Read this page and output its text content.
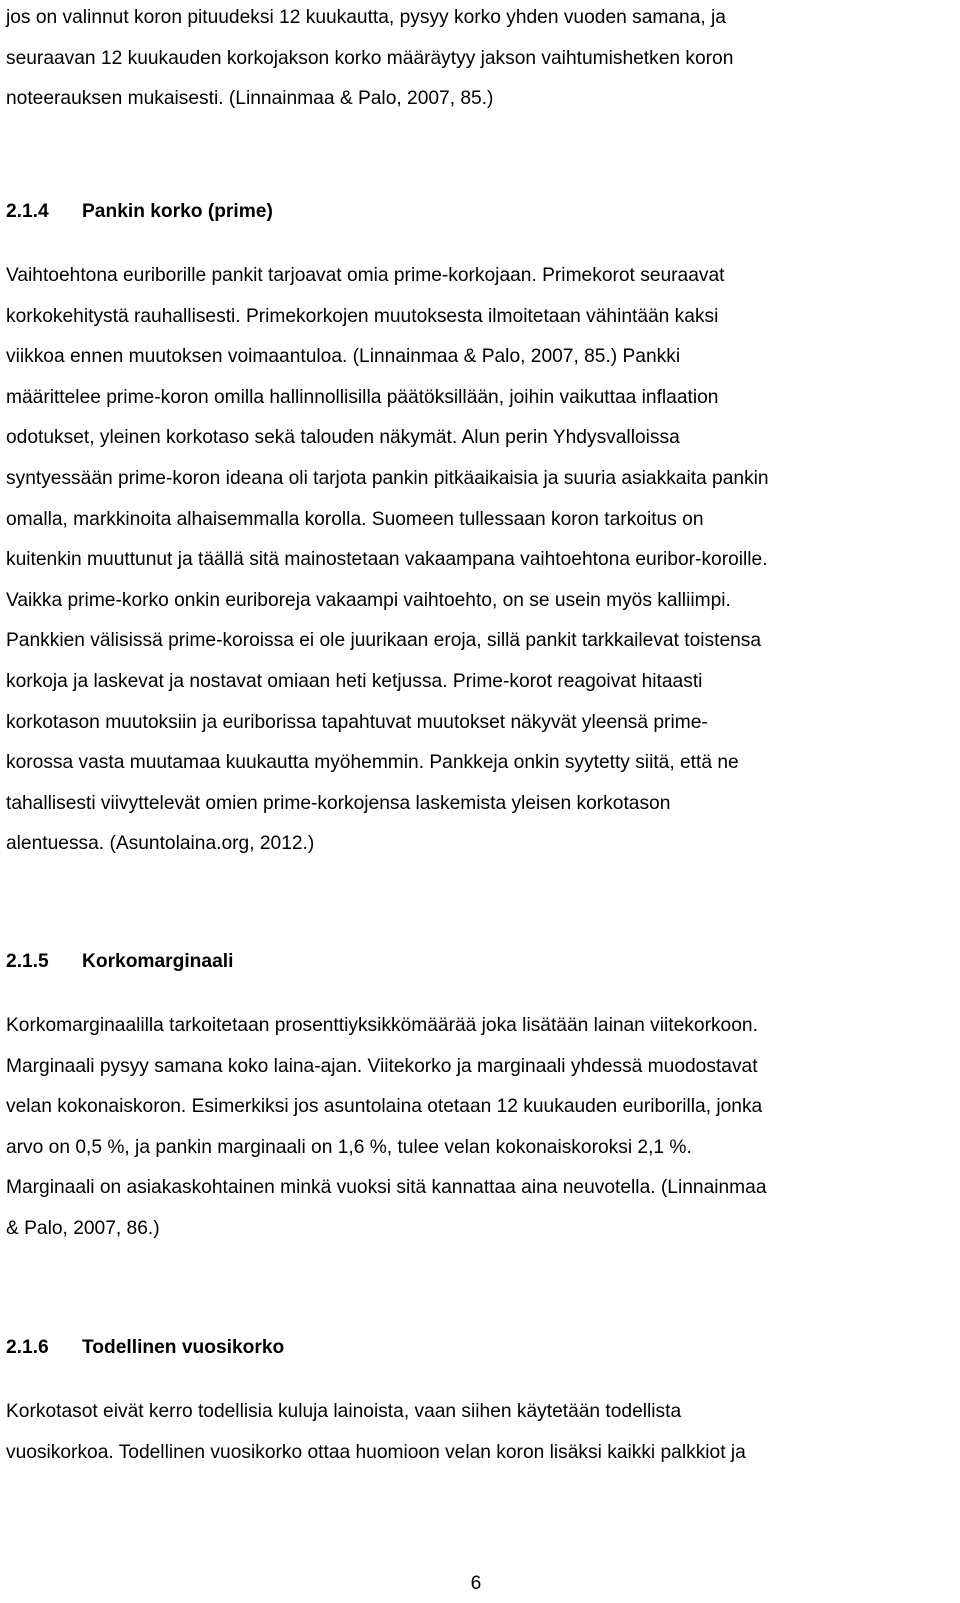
jos on valinnut koron pituudeksi 12 kuukautta, pysyy korko yhden vuoden samana, ja
seuraavan 12 kuukauden korkojakson korko määräytyy jakson vaihtumishetken koron
noteerauksen mukaisesti. (Linnainmaa & Palo, 2007, 85.)

2.1.4 Pankin korko (prime)

Vaihtoehtona euriborille pankit tarjoavat omia prime-korkojaan. Primekorot seuraavat
korkokehitystä rauhallisesti. Primekorkojen muutoksesta ilmoitetaan vähintään kaksi
viikkoa ennen muutoksen voimaantuloa. (Linnainmaa & Palo, 2007, 85.) Pankki
määrittelee prime-koron omilla hallinnollisilla päätöksillään, joihin vaikuttaa inflaation
odotukset, yleinen korkotaso sekä talouden näkymät. Alun perin Yhdysvalloissa
syntyessään prime-koron ideana oli tarjota pankin pitkäaikaisia ja suuria asiakkaita pankin
omalla, markkinoita alhaisemmalla korolla. Suomeen tullessaan koron tarkoitus on
kuitenkin muuttunut ja täällä sitä mainostetaan vakaampana vaihtoehtona euribor-koroille.
Vaikka prime-korko onkin euriboreja vakaampi vaihtoehto, on se usein myös kalliimpi.
Pankkien välisissä prime-koroissa ei ole juurikaan eroja, sillä pankit tarkkailevat toistensa
korkoja ja laskevat ja nostavat omiaan heti ketjussa. Prime-korot reagoivat hitaasti
korkotason muutoksiin ja euriborissa tapahtuvat muutokset näkyvät yleensä prime-
korossa vasta muutamaa kuukautta myöhemmin. Pankkeja onkin syytetty siitä, että ne
tahallisesti viivyttelevät omien prime-korkojensa laskemista yleisen korkotason
alentuessa. (Asuntolaina.org, 2012.)

2.1.5 Korkomarginaali

Korkomarginaalilla tarkoitetaan prosenttiyksikkömäärää joka lisätään lainan viitekorkoon.
Marginaali pysyy samana koko laina-ajan. Viitekorko ja marginaali yhdessä muodostavat
velan kokonaiskoron. Esimerkiksi jos asuntolaina otetaan 12 kuukauden euriborilla, jonka
arvo on 0,5 %, ja pankin marginaali on 1,6 %, tulee velan kokonaiskoroksi 2,1 %.
Marginaali on asiakaskohtainen minkä vuoksi sitä kannattaa aina neuvotella. (Linnainmaa
& Palo, 2007, 86.)

2.1.6 Todellinen vuosikorko

Korkotasot eivät kerro todellisia kuluja lainoista, vaan siihen käytetään todellista
vuosikorkoa. Todellinen vuosikorko ottaa huomioon velan koron lisäksi kaikki palkkiot ja

6
